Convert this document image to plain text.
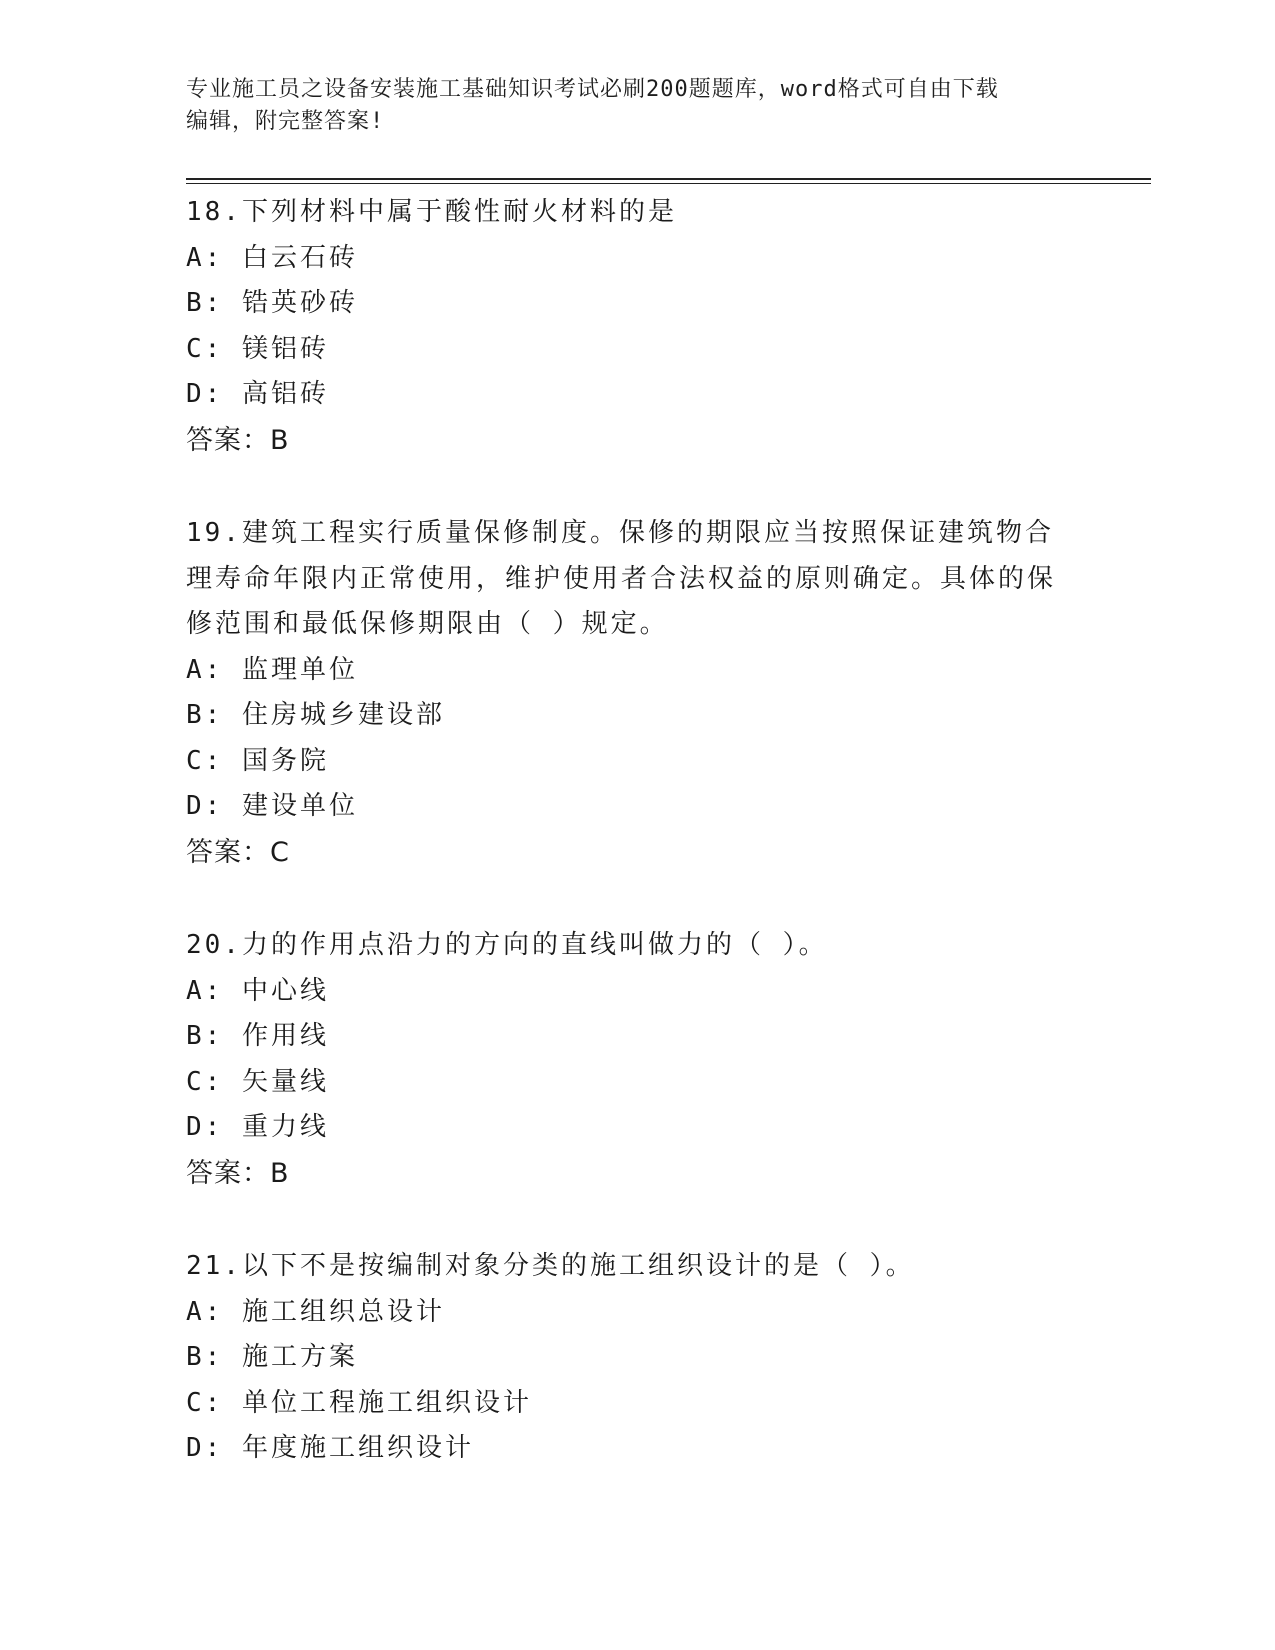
专业施工员之设备安装施工基础知识考试必刷200题题库，word格式可自由下载
编辑，附完整答案!
18.下列材料中属于酸性耐火材料的是
A: 白云石砖
B: 锆英砂砖
C: 镁铝砖
D: 高铝砖
答案：B
19.建筑工程实行质量保修制度。保修的期限应当按照保证建筑物合理寿命年限内正常使用，维护使用者合法权益的原则确定。具体的保修范围和最低保修期限由（ ）规定。
A: 监理单位
B: 住房城乡建设部
C: 国务院
D: 建设单位
答案：C
20.力的作用点沿力的方向的直线叫做力的（ ）。
A: 中心线
B: 作用线
C: 矢量线
D: 重力线
答案：B
21.以下不是按编制对象分类的施工组织设计的是（ ）。
A: 施工组织总设计
B: 施工方案
C: 单位工程施工组织设计
D: 年度施工组织设计
